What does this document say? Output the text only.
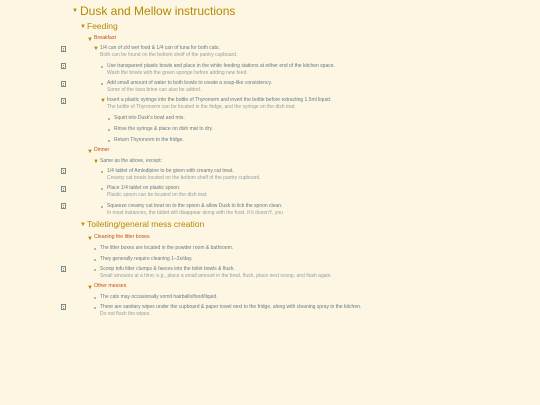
▼ Dusk and Mellow instructions
▼ Feeding
▼ Breakfast
▼ 1/4 can of z/d wet food & 1/4 can of tuna for both cats.
Both can be found on the bottom shelf of the pantry cupboard.
Use transparent plastic bowls and place in the white feeding stations at either end of the kitchen space.
Wash the bowls with the green sponge before adding new feed.
Add small amount of water to both bowls to create a soup-like consistency.
Some of the tuna brine can also be added.
▼ Insert a plastic syringe into the bottle of Thyronorm and invert the bottle before extracting 1.5ml liquid.
The bottle of Thyronorm can be located in the fridge, and the syringe on the dish mat.
Squirt into Dusk's bowl and mix.
Rinse the syringe & place on dish mat to dry.
Return Thyronorm to the fridge.
▼ Dinner
▼ Same as the above, except:
1/4 tablet of Amlodipine to be given with creamy cat treat.
Creamy cat treats located on the bottom shelf of the pantry cupboard.
Place 1/4 tablet on plastic spoon.
Plastic spoon can be located on the dish mat.
Squeeze creamy cat treat on to the spoon & allow Dusk to lick the spoon clean.
In most instances, the tablet will disappear along with the food. If it doesn't', you
▼ Toileting/general mess creation
▼ Cleaning the litter boxes
The litter boxes are located in the powder room & bathroom.
They generally require cleaning 1–2x/day.
Scoop tofu litter clumps & faeces into the toilet bowls & flush.
Small amounts at a time; e.g., place a small amount in the bowl, flush, place next scoop, and flush again.
▼ Other messes
The cats may occasionally vomit hairballs/food/liquid.
There are sanitary wipes under the cupboard & paper towel next to the fridge, along with cleaning spray in the kitchen.
Do not flush the wipes.
